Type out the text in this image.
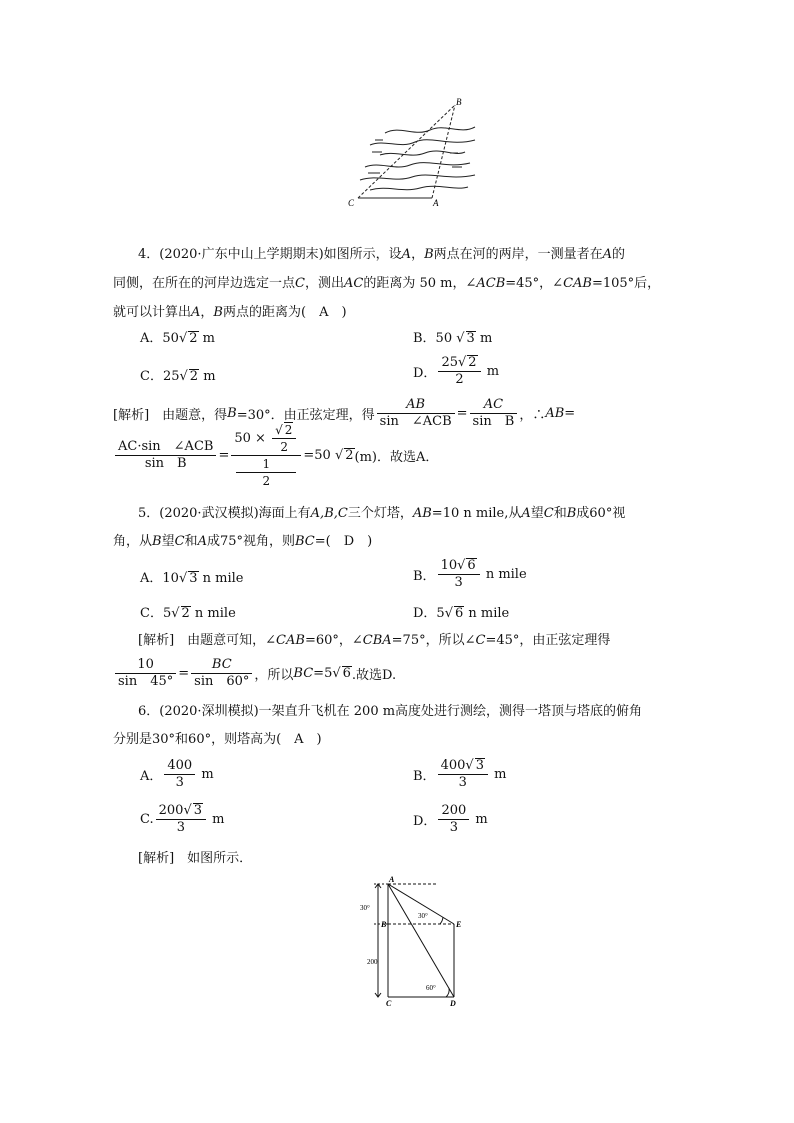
B
C	A
4．(2020·广东中山上学期期末)如图所示，设A，B两点在河的两岸，一测量者在A的
同侧，在所在的河岸边选定一点C，测出AC的距离为 50 m，∠ACB=45°，∠CAB=105°后，
就可以计算出A，B两点的距离为(　A　)
A．50√ 2 m	B．50 √ 3 m
C．25√ 2 m	D． $\frac{25√ 2}{2}$ m
[解析]　由题意，得B=30°．由正弦定理，得 $\frac{AB}{\text{sin　∠ACB}} = \frac{AC}{\text{sin　B}}$ ，∴AB=
$\frac{\text{AC·sin　∠ACB}}{\text{sin　B}} = 50 \times \frac{√ 2}{2}$
1
2 =50 √ 2(m)．故选A．
5．(2020·武汉模拟)海面上有A,B,C三个灯塔，AB=10 n mile,从A望C和B成60°视
角，从B望C和A成75°视角，则BC=(　D　)
A．10√ 3 n mile	B． $\frac{10√ 6}{3}$ n mile
C．5√ 2 n mile	D．5√ 6 n mile
[解析]　由题意可知，∠CAB=60°，∠CBA=75°，所以∠C=45°，由正弦定理得
$\frac{10}{\sin 45^\circ} = \frac{BC}{\sin 60^\circ}$ ，所以BC=5√ 6.故选D.
6．(2020·深圳模拟)一架直升飞机在 200 m高度处进行测绘，测得一塔顶与塔底的俯角
分别是30°和60°，则塔高为(　A　)
A． $\frac{400}{3}$ m	B． $\frac{400√ 3}{3}$ m
C. $\frac{200√ 3}{3}$ m	D． $\frac{200}{3}$ m
[解析]　如图所示．
A
B
C	D
E
30°
30°
200
60°
